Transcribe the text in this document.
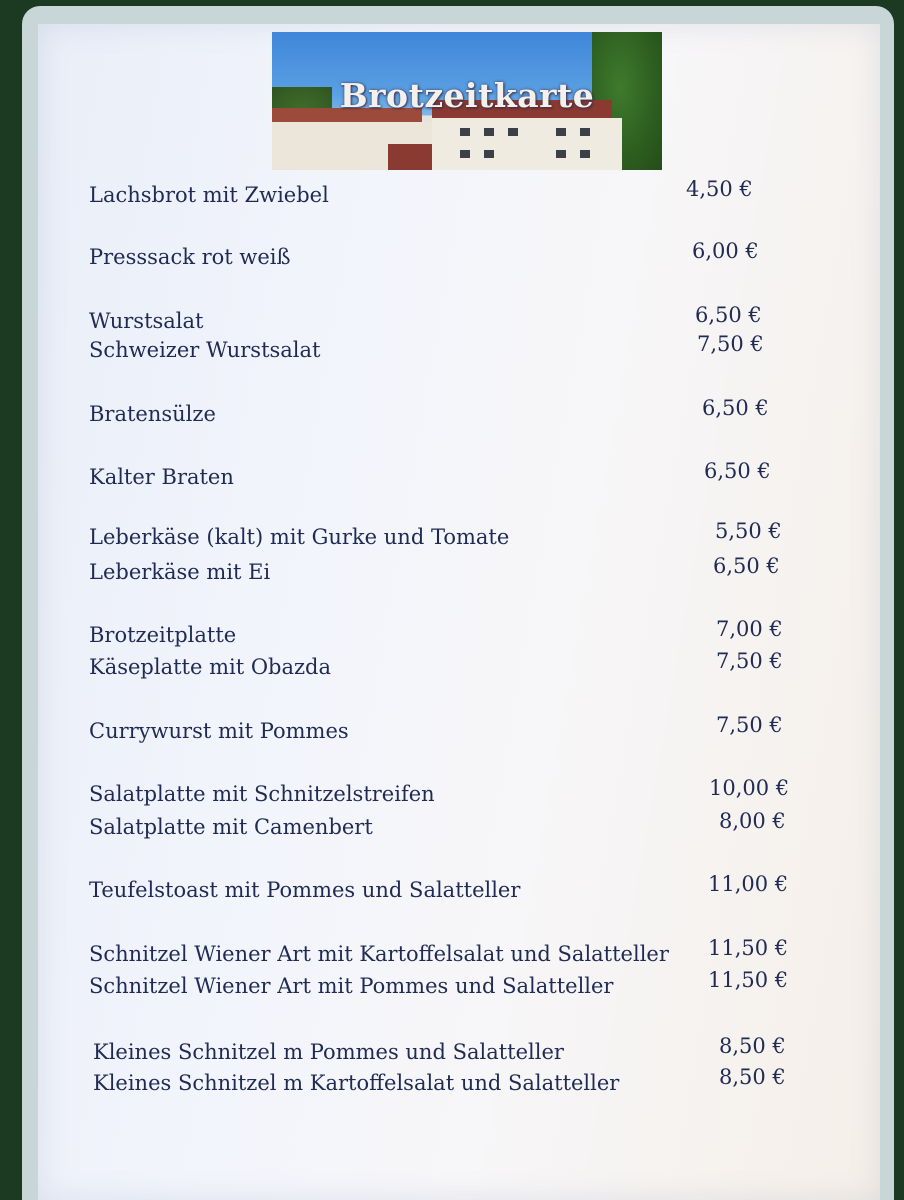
Brotzeitkarte
Lachsbrot mit Zwiebel	4,50 €
Presssack rot weiß	6,00 €
Wurstsalat	6,50 €
Schweizer Wurstsalat	7,50 €
Bratensülze	6,50 €
Kalter Braten	6,50 €
Leberkäse (kalt) mit Gurke und Tomate	5,50 €
Leberkäse mit Ei	6,50 €
Brotzeitplatte	7,00 €
Käseplatte mit Obazda	7,50 €
Currywurst mit Pommes	7,50 €
Salatplatte mit Schnitzelstreifen	10,00 €
Salatplatte mit Camenbert	8,00 €
Teufelstoast mit Pommes und Salatteller	11,00 €
Schnitzel Wiener Art mit Kartoffelsalat und Salatteller 11,50 €
Schnitzel Wiener Art mit Pommes und Salatteller	11,50 €
Kleines Schnitzel m Pommes und Salatteller	8,50 €
Kleines Schnitzel m Kartoffelsalat und Salatteller	8,50 €
